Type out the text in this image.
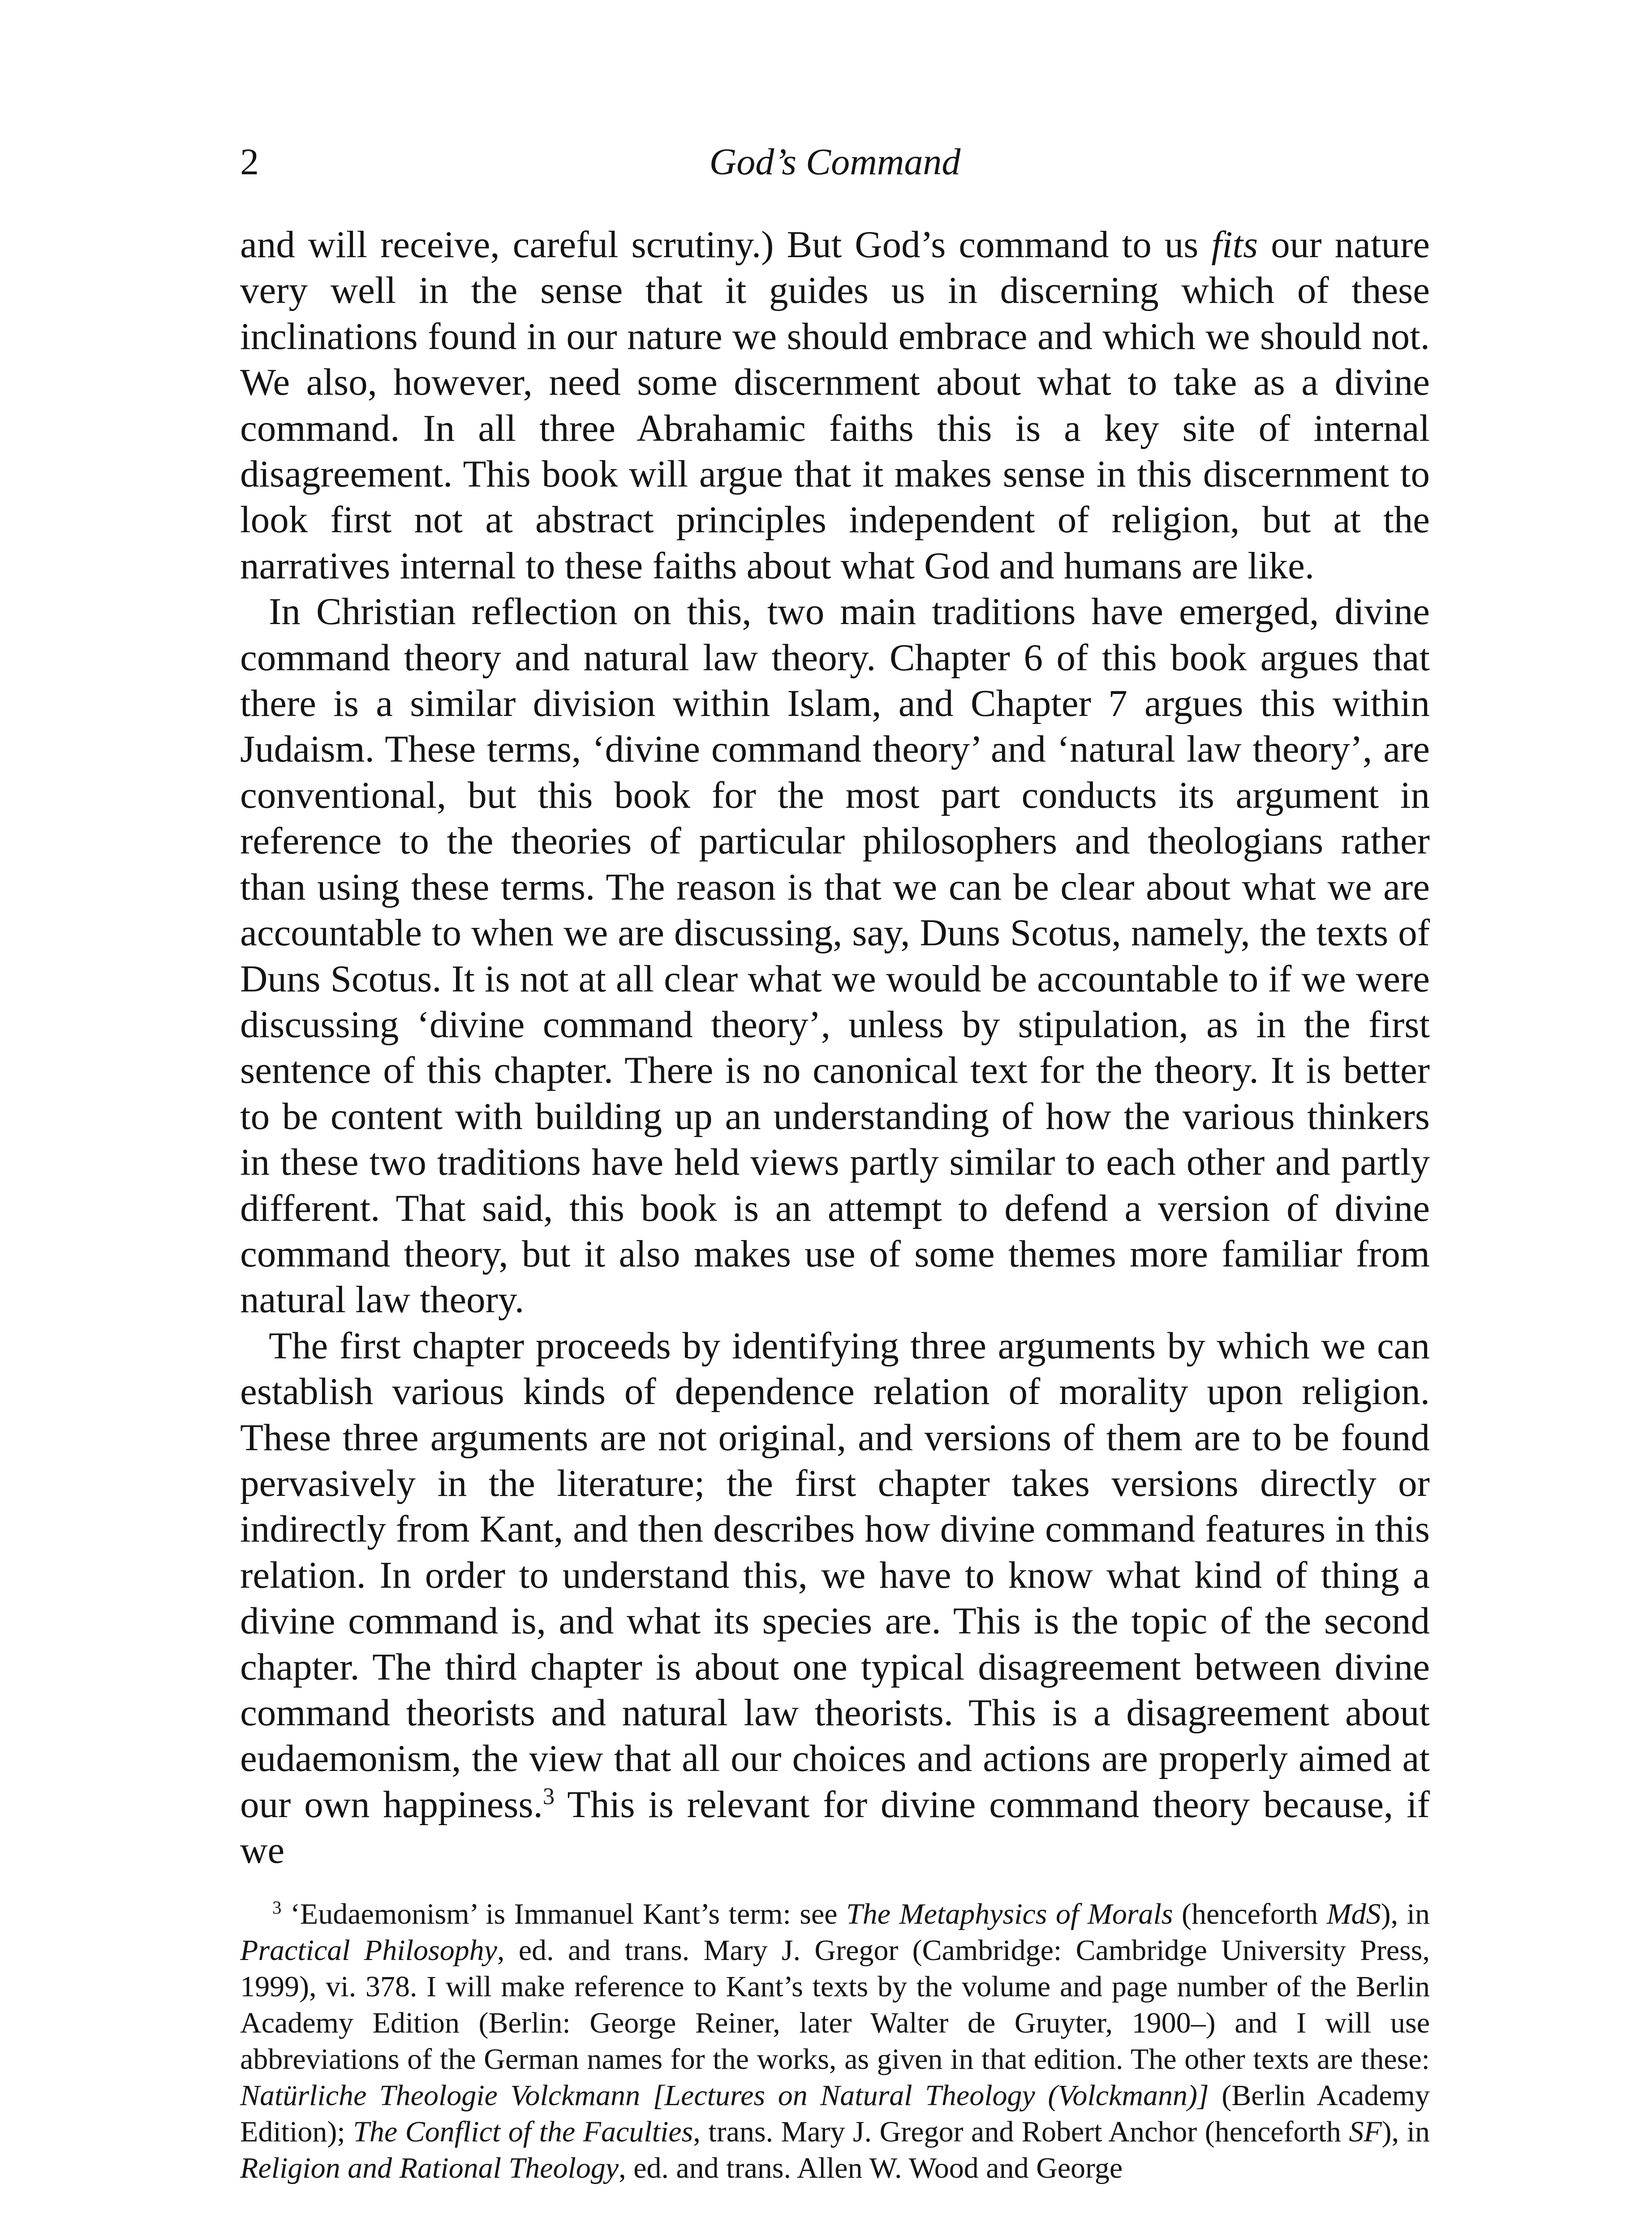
2	God’s Command

and will receive, careful scrutiny.) But God’s command to us fits our nature very well in the sense that it guides us in discerning which of these inclinations found in our nature we should embrace and which we should not. We also, however, need some discernment about what to take as a divine command. In all three Abrahamic faiths this is a key site of internal disagreement. This book will argue that it makes sense in this discernment to look first not at abstract principles independent of religion, but at the narratives internal to these faiths about what God and humans are like.

In Christian reflection on this, two main traditions have emerged, divine command theory and natural law theory. Chapter 6 of this book argues that there is a similar division within Islam, and Chapter 7 argues this within Judaism. These terms, ‘divine command theory’ and ‘natural law theory’, are conventional, but this book for the most part conducts its argument in reference to the theories of particular philosophers and theologians rather than using these terms. The reason is that we can be clear about what we are accountable to when we are discussing, say, Duns Scotus, namely, the texts of Duns Scotus. It is not at all clear what we would be accountable to if we were discussing ‘divine command theory’, unless by stipulation, as in the first sentence of this chapter. There is no canonical text for the theory. It is better to be content with building up an understanding of how the various thinkers in these two traditions have held views partly similar to each other and partly different. That said, this book is an attempt to defend a version of divine command theory, but it also makes use of some themes more familiar from natural law theory.

The first chapter proceeds by identifying three arguments by which we can establish various kinds of dependence relation of morality upon religion. These three arguments are not original, and versions of them are to be found pervasively in the literature; the first chapter takes versions directly or indirectly from Kant, and then describes how divine command features in this relation. In order to understand this, we have to know what kind of thing a divine command is, and what its species are. This is the topic of the second chapter. The third chapter is about one typical disagreement between divine command theorists and natural law theorists. This is a disagreement about eudaemonism, the view that all our choices and actions are properly aimed at our own happiness.$^3$ This is relevant for divine command theory because, if we

$^3$ ‘Eudaemonism’ is Immanuel Kant’s term: see The Metaphysics of Morals (henceforth MdS), in Practical Philosophy, ed. and trans. Mary J. Gregor (Cambridge: Cambridge University Press, 1999), vi. 378. I will make reference to Kant’s texts by the volume and page number of the Berlin Academy Edition (Berlin: George Reiner, later Walter de Gruyter, 1900–) and I will use abbreviations of the German names for the works, as given in that edition. The other texts are these: Natürliche Theologie Volckmann [Lectures on Natural Theology (Volckmann)] (Berlin Academy Edition); The Conflict of the Faculties, trans. Mary J. Gregor and Robert Anchor (henceforth SF), in Religion and Rational Theology, ed. and trans. Allen W. Wood and George
